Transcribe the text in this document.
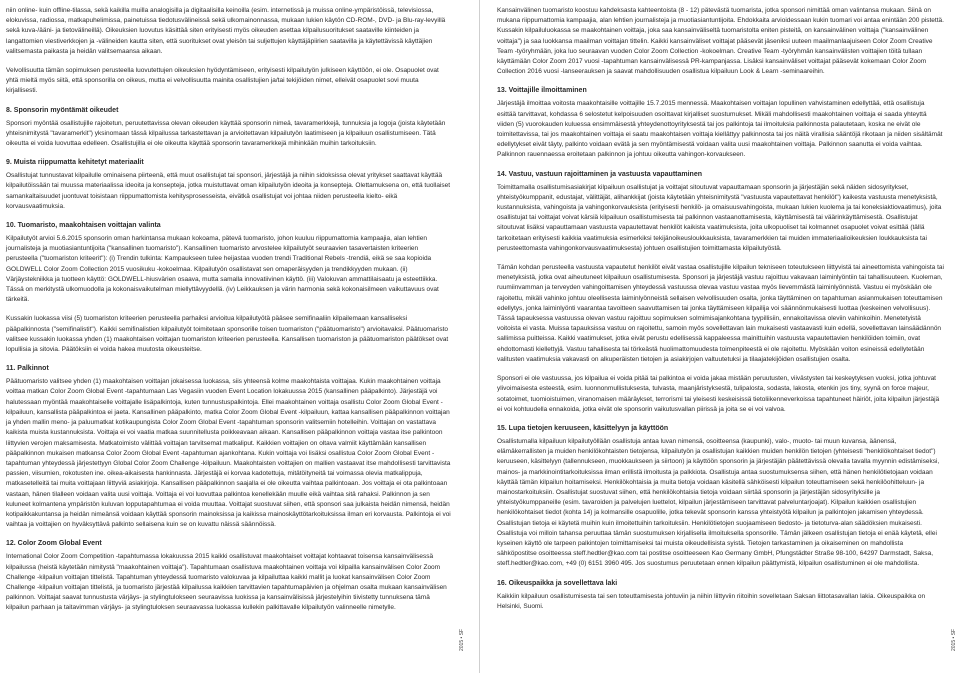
niin online- kuin offline-tilassa, sekä kaikilla muilla analogisilla ja digitaalisilla keinoilla (esim. internetissä ja muissa online-ympäristöissä, televisiossa, elokuvissa, radiossa, matkapuhelimissa, painetuissa tiedotusvälineissä sekä ulkomainonnassa, mukaan lukien käytön CD-ROM-, DVD- ja Blu-ray-levyillä sekä kuva-/ääni- ja tietovälineillä). Oikeuksien luovutus käsittää siten erityisesti myös oikeuden asettaa kilpailusuoritukset saataville kiinteiden ja langattomien viestiverkkojen ja -välineiden kautta siten, että suoritukset ovat yleisön tai suljettujen käyttäjäpiirien saatavilla ja käytettävissä käyttäjien valitsemasta paikasta ja heidän valitsemaansa aikaan.

Velvollisuutta tämän sopimuksen perusteella luovutettujen oikeuksien hyödyntämiseen, erityisesti kilpailutyön julkiseen käyttöön, ei ole. Osapuolet ovat yhtä mieltä myös siitä, että sponsorilla on oikeus, mutta ei velvollisuutta mainita osallistujien ja/tai tekijöiden nimet, elleivät osapuolet sovi muuta kirjallisesti.

8. Sponsorin myöntämät oikeudet

Sponsori myöntää osallistujille rajoitetun, peruutettavissa olevan oikeuden käyttää sponsorin nimeä, tavaramerkkejä, tunnuksia ja logoja (joista käytetään yhteisnimitystä "tavaramerkit") yksinomaan tässä kilpailussa tarkastettavan ja arvioitettavan kilpailutyön laatimiseen ja kilpailuun osallistumiseen. Tätä oikeutta ei voida luovuttaa edelleen. Osallistujilla ei ole oikeutta käyttää sponsorin tavaramerkkejä mihinkään muihin tarkoituksiin.

9. Muista riippumatta kehitetyt materiaalit

Osallistujat tunnustavat kilpailulle ominaisena piirteenä, että muut osallistujat tai sponsori, järjestäjä ja niihin sidoksissa olevat yritykset saattavat käyttää kilpailutöissään tai muussa materiaalissa ideoita ja konsepteja, jotka muistuttavat oman kilpailutyön ideoita ja konsepteja. Olettamuksena on, että tuollaiset samankaltaisuudet juontuvat toisistaan riippumattomista kehitysprosesseista, eivätkä osallistujat voi johtaa niiden perusteella kielto- eikä korvausvaatimuksia.

10. Tuomaristo, maakohtaisen voittajan valinta

Kilpailutyöt arvioi 5.6.2015 sponsorin oman harkintansa mukaan kokoama, pätevä tuomaristo, johon kuuluu riippumattomia kampaajia, alan lehtien journalisteja ja muotiasiantuntijoita ("kansallinen tuomaristo"). Kansallinen tuomaristo arvostelee kilpailutyöt seuraavien tasavertaisten kriteerien perusteella ("tuomariston kriteerit"): (i) Trendin tulkinta: Kampaukseen tulee heijastaa vuoden trendi Traditional Rebels -trendiä, eikä se saa kopioida GOLDWELL Color Zoom Collection 2015 vuosikuku -kokoelmaa. Kilpailutyön osallistavat sen omaperäisyyden ja trendikkyyden mukaan. (ii) Värjäystekniikka ja tuotteen käyttö: GOLDWELL-hiusvärien osaava, mutta samalla innovatiivinen käyttö. (iii) Valokuvan ammattilaisaatu ja esteettiikka. Tässä on merkitystä ulkomuodolla ja kokonaisvaikutelman miellyttävyydellä. (iv) Leikkauksen ja värin harmonia sekä kokonaisilmeen vaikuttavuus ovat tärkeitä.

Kussakin luokassa viisi (5) tuomariston kriteerien perusteella parhaiksi arvioitua kilpailutyötä pääsee semifinaaliin kilpailemaan kansalliseksi pääpalkinnosta ("semifinalistit"). Kaikki semifinalistien kilpailutyöt toimitetaan sponsorille toisen tuomariston ("päätuomaristo") arvioitavaksi. Päätuomaristo valitsee kussakin luokassa yhden (1) maakohtaisen voittajan tuomariston kriteerien perusteella. Kansallisen tuomariston ja päätuomariston päätökset ovat lopullisia ja sitovia. Päätöksiin ei voida hakea muutosta oikeusteitse.

11. Palkinnot

Päätuomaristo valitsee yhden (1) maakohtaisen voittajan jokaisessa luokassa, siis yhteensä kolme maakohtaista voittajaa. Kukin maakohtainen voittaja voittaa matkan Color Zoom Global Event -tapahtumaan Las Vegasiin vuoden Event Location lokakuussa 2015 (kansallinen pääpalkinto). Järjestäjä voi halutessaan myöntää maakohtaiselle voittajalle lisäpalkintoja, kuten tunnustuspalkintoja. Ellei maakohtainen voittaja osallistu Color Zoom Global Event -kilpailuun, kansallista pääpalkintoa ei jaeta. Kansallinen pääpalkinto, matka Color Zoom Global Event -kilpailuun, kattaa kansallisen pääpalkinnon voittajan ja yhden mallin meno- ja paluumatkat kotikaupungista Color Zoom Global Event -tapahtuman sponsorin valitsemiin hotelleihin. Voittajan on vastattava kaikista muista kustannuksista. Voittaja ei voi vaatia matkaa suunnitellusta poikkeavaan aikaan. Kansallisen pääpalkinnon voittaja vastaa itse palkintoon liittyvien verojen maksamisesta. Matkatoimisto välittää voittajan tarvitsemat matkaliput. Kaikkien voittajien on oltava valmiit käyttämään kansallisen pääpalkinnon mukaisen matkansa Color Zoom Global Event -tapahtuman ajankohtana. Kukin voittaja voi lisäksi osallistua Color Zoom Global Event -tapahtuman yhteydessä järjestettyyn Global Color Zoom Challenge -kilpailuun. Maakohtaisten voittajien on mallien vastaavat itse mahdollisesti tarvittavista passien, viisumien, rokotusten ine. oikea-aikaisesta hankinnasta. Järjestäjä ei korvaa kadotettuja, mitätöityneitä tai voimassa olevia matkalippuja, matkasetelleitä tai muita voittajaan liittyviä asiakirjoja. Kansallisen pääpalkinnon saajalla ei ole oikeutta vaihtaa palkintoaan. Jos voittaja ei ota palkintoaan vastaan, hänen tilalleen voidaan valita uusi voittaja. Voittaja ei voi luovuttaa palkintoa kenellekään muulle eikä vaihtaa sitä rahaksi. Palkinnon ja sen kuluneet kolmantena ympäristön kuluvan lopputapahtumaa ei voida muuttaa. Voittajat suostuvat siihen, että sponsori saa julkaista heidän nimensä, heidän kotipaikkakuntansa ja heidän nimeänsä voidaan käyttää sponsorin mainoksissa ja kaikissa mainoskäyttötarkoituksissa ilman eri korvausta. Palkintoja ei voi vaihtaa ja voittajien on hyväksyttävä palkinto sellaisena kuin se on kuvattu näissä säännöissä.

12. Color Zoom Global Event

International Color Zoom Competition -tapahtumassa lokakuussa 2015 kaikki osallistuvat maakohtaiset voittajat kohtaavat toisensa kansainvälisessä kilpailussa (heistä käytetään nimitystä "maakohtainen voittaja"). Tapahtumaan osallistuva maakohtainen voittaja voi kilpailla kansainvälisen Color Zoom Challenge -kilpailun voittajan tittelistä. Tapahtuman yhteydessä tuomaristo valokuvaa ja kilpailuttaa kaikki mallit ja luokat kansainvälisen Color Zoom Challenge -kilpailun voittajan tittelistä, ja tuomaristo järjestää kilpailussa kaikkien tarvittavien tapahtumapäivien ja ohjelman osalta mukaan kansainvälisen palkinnon. Voittajat saavat tunnustusta värjäys- ja stylingtulokseen seuraavissa luokissa ja kansainvälisissä järjestelyihin tiivistetty tunnuksena tämä kilpailun parhaan ja taitavimman värjäys- ja stylingtuloksen seuraavassa luokassa kullekin palkittavalle kilpailutyön valinneelle nimetylle.

2015 • SF

Kansainvälinen tuomaristo koostuu kahdeksasta kahteentoista (8 - 12) pätevästä tuomarista, jotka sponsori nimittää oman valintansa mukaan. Siinä on mukana riippumattomia kampaajia, alan lehtien journalisteja ja muotiasiantuntijoita. Ehdokkaita arvioidessaan kukin tuomari voi antaa enintään 200 pistettä. Kussakin kilpailuluokassa se maakohtainen voittaja, joka saa kansainväliseltä tuomaristolta eniten pisteitä, on kansainvälinen voittaja ("kansainvälinen voittaja") ja saa luokkansa maailman voittajan tittelin. Kaikki kansainväliset voittajat pääsevät jäseniksi uuteen maailmanlaajuiseen Color Zoom Creative Team -työryhmään, joka luo seuraavan vuoden Color Zoom Collection -kokoelman. Creative Team -työryhmän kansainvälisten voittajien töitä tullaan käyttämään Color Zoom 2017 vuosi -tapahtuman kansainvälisessä PR-kampanjassa. Lisäksi kansainväliset voittajat pääsevät kokemaan Color Zoom Collection 2016 vuosi -lanseerauksen ja saavat mahdollisuuden osallistua kilpailuun Look & Learn -seminaareihin.

13. Voittajille ilmoittaminen

Järjestäjä ilmoittaa voitosta maakohtaisille voittajille 15.7.2015 mennessä. Maakohtaisen voittajan lopullinen vahvistaminen edellyttää, että osallistuja esittää tarvittavat, kohdassa 6 selostetut kelpoisuuden osoittavat kirjalliset suostumukset. Mikäli mahdollisesti maakohtainen voittaja ei saada yhteyttä viiden (5) vuorokauden kuluessa ensimmäisestä yhteydenottoyrityksestä tai jos palkintoja tai ilmoituksia palkinnosta palautetaan, koska ne eivät ole toimitettavissa, tai jos maakohtainen voittaja ei saatu maakohtaisen voittaja kiellättyy palkinnosta tai jos näitä virallisia sääntöjä rikotaan ja niiden sisältämät edellytykset eivät täyty, palkinto voidaan evätä ja sen myöntämisestä voidaan valita uusi maakohtainen voittaja. Palkinnon saanutta ei voida vaihtaa. Palkinnon rauennaessa eroitetaan palkinnon ja johtuu oikeutta vahingon-korvaukseen.

14. Vastuu, vastuun rajoittaminen ja vastuusta vapauttaminen

Toimittamalla osallistumisasiakirjat kilpailuun osallistujat ja voittajat sitoutuvat vapauttamaan sponsorin ja järjestäjän sekä näiden sidosyritykset, yhteistyökumppanit, edustajat, välittäjät, alihankkijat (joista käytetään yhteisnimitystä "vastuusta vapautettavat henkilöt") kaikesta vastuusta menetyksistä, kustannuksista, vahingoista ja vahingonkorvauksista (erityisesti henkilö- ja omaisuusvahingoista, mukaan lukien kuolema ja tai koneksiaktiovaatimus), joita osallistujat tai voittajat voivat kärsiä kilpailuun osallistumisesta tai palkinnon vastaanottamisesta, käyttämisestä tai väärinkäyttämisestä. Osallistujat sitoutuvat lisäksi vapauttamaan vastuusta vapautettavat henkilöt kaikista vaatimuksista, joita ulkopuoliset tai kolmannet osapuolet voivat esittää (tällä tarkoitetaan erityisesti kaikkia vaatimuksia esimerkiksi tekijänoikeusloukkauksista, tavaramerkkien tai muiden immateriaalioikeuksien loukkauksista tai perusteettomasta vahingonkorvausvaatimuksesta) johtuen osallistujien toimittamasta kilpailutyöstä.

Tämän kohdan perusteella vastuusta vapautetut henkilöt eivät vastaa osallistujille kilpailun tekniseen toteutukseen liittyvistä tai aineettomista vahingoista tai menetyksistä, jotka ovat aiheutuneet kilpailuun osallistumisesta. Sponsori ja järjestäjä vastuu rajoittuu vakavaan laiminlyöntiin tai tahallisuuteen. Kuoleman, ruumiinvamman ja terveyden vahingoittamisen yhteydessä vastuussa olevaa vastuu vastaa myös lievemmästä laiminlyönnistä. Vastuu ei myöskään ole rajoitettu, mikäli vahinko johtuu oleellisesta laiminlyönneistä sellaisen velvollisuuden osalta, jonka täyttäminen on tapahtuman asianmukaisen toteuttamisen edellytys, jonka laiminlyönti vaarantaa tavoitteen saavuttamisen tai jonka täyttämiseen kilpailija voi säännönmukaisesti luottaa (keskeinen velvollisuus). Tässä tapauksessa vastuussa olevan vastuu rajoittuu sopimuksen solmimisajankohtana tyypillisiin, ennakoitavissa oleviin vahinkoihin. Menetetyistä voitoista ei vasta. Muissa tapauksissa vastuu on rajoitettu, samoin myös sovellettavan lain mukaisesti vastaavasti kuin edellä, sovellettavan lainsäädännön sallimissa puitteissa. Kaikki vaatimukset, jotka eivät perustu edellisessä kappaleessa mainittuihin vastuusta vapautettavien henkilöiden toimiin, ovat ehdottomasti kiellettyjä. Vastuu tahallisesta tai törkeästä huolimattomuudesta toimenpiteestä ei ole rajoitettu. Myöskään voiton esineissä edellytetään valitusten vaatimuksia vakavasti on alkuperäisten tietojen ja asiakirjojen valtuutetuksi ja tilaajatekijöiden osallistujien osalta.

Sponsori ei ole vastuussa, jos kilpailua ei voida pitää tai palkintoa ei voida jakaa mistään peruutusten, viivästysten tai keskeytyksen vuoksi, jotka johtuvat ylivoimaisesta esteestä, esim. luonnonmullistuksesta, tulvasta, maanjäristyksestä, tulipalosta, sodasta, lakosta, etenkin jos tiny, syynä on force majeur, sotatoimet, tuomioistuimen, viranomaisen määräykset, terrorismi tai yleisesti keskeisissä tietoliikenneverkoissa tapahtuneet häiriöt, joita kilpailun järjestäjä ei voi kohtuudella ennakoida, jotka eivät ole sponsorin vaikutusvallan piirissä ja joita se ei voi valvoa.

15. Lupa tietojen keruuseen, käsittelyyn ja käyttöön

Osallistumalla kilpailuun kilpailutyöllään osallistuja antaa luvan nimensä, osoitteensa (kaupunki), valo-, muoto- tai muun kuvansa, äänensä, elämäkerrallisten ja muiden henkilökohtaisten tietojensa, kilpailutyön ja osallistujan kaikkien muiden henkilön tietojen (yhteisesti "henkilökohtaiset tiedot") keruuseen, käsittelyyn (tallennukseen, muokkaukseen ja siirtoon) ja käyttöön sponsorin ja järjestäjän päätettävissä olevalla tavalla myynnin edistämiseksi, mainos- ja markkinointitarkoituksissa ilman erillistä ilmoitusta ja palkkiota. Osallistuja antaa suostumuksensa siihen, että hänen henkilötietojaan voidaan käyttää tämän kilpailun hoitamiseksi. Henkilökohtaisia ja muita tietoja voidaan käsitellä sähköisesti kilpailun toteuttamiseen sekä henkilöohitteluun- ja mainostarkoituksiin. Osallistujat suostuvat siihen, että henkilökohtaisia tietoja voidaan siirtää sponsorin ja järjestäjän sidosyrityksille ja yhteistyökumppaneille (esim. tavaroiden ja palvelujen luettelot, kilpailun järjestämiseen tarvittavat palveluntarjoajat). Kilpailun kaikkien osallistujien henkilökohtaiset tiedot (kohta 14) ja kolmansille osapuolille, jotka tekevät sponsorin kanssa yhteistyötä kilpailun ja palkintojen jakamisen yhteydessä. Osallistujan tietoja ei käytetä muihin kuin ilmoitettuihin tarkoituksiin. Henkilötietojen suojaamiseen tiedosto- ja tietoturva-alan säädöksien mukaisesti. Osallistuja voi milloin tahansa peruuttaa tämän suostumuksen kirjallisella ilmoituksella sponsorille. Tämän jälkeen osallistujan tietoja ei enää käytetä, ellei kyseinen käyttö ole tarpeen palkintojen toimittamiseksi tai muista oikeudellisista syistä. Tietojen tarkastaminen ja oikaiseminen on mahdollista sähköpostitse osoitteessa steff.hedtler@kao.com tai postitse osoitteeseen Kao Germany GmbH, Pfungstädter Straße 98-100, 64297 Darmstadt, Saksa, steff.hedtler@kao.com, +49 (0) 6151 3960 495. Jos suostumus peruutetaan ennen kilpailun päättymistä, kilpailun osallistuminen ei ole mahdollista.

16. Oikeuspaikka ja sovellettava laki

Kaikkiin kilpailuun osallistumisesta tai sen toteuttamisesta johtuviin ja niihin liittyviin riitoihin sovelletaan Saksan liittotasavallan lakia. Oikeuspaikka on Helsinki, Suomi.

2015 • SF
